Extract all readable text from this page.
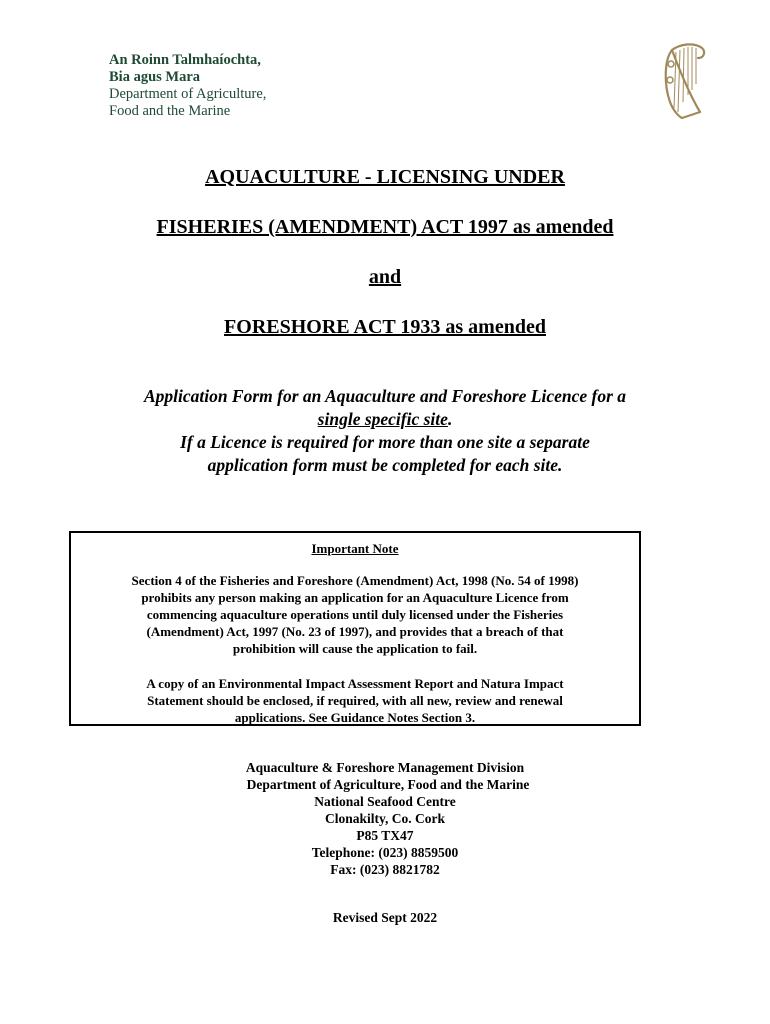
An Roinn Talmhaíochta,
Bia agus Mara
Department of Agriculture,
Food and the Marine
AQUACULTURE - LICENSING UNDER
FISHERIES (AMENDMENT) ACT 1997 as amended
and
FORESHORE ACT 1933 as amended
Application Form for an Aquaculture and Foreshore Licence for a
single specific site.
If a Licence is required for more than one site a separate
application form must be completed for each site.
Important Note
Section 4 of the Fisheries and Foreshore (Amendment) Act, 1998 (No. 54 of 1998)
prohibits any person making an application for an Aquaculture Licence from
commencing aquaculture operations until duly licensed under the Fisheries
(Amendment) Act, 1997 (No. 23 of 1997), and provides that a breach of that
prohibition will cause the application to fail.
A copy of an Environmental Impact Assessment Report and Natura Impact
Statement should be enclosed, if required, with all new, review and renewal
applications. See Guidance Notes Section 3.
Aquaculture & Foreshore Management Division
Department of Agriculture, Food and the Marine
National Seafood Centre
Clonakilty, Co. Cork
P85 TX47
Telephone: (023) 8859500
Fax: (023) 8821782
Revised Sept 2022
